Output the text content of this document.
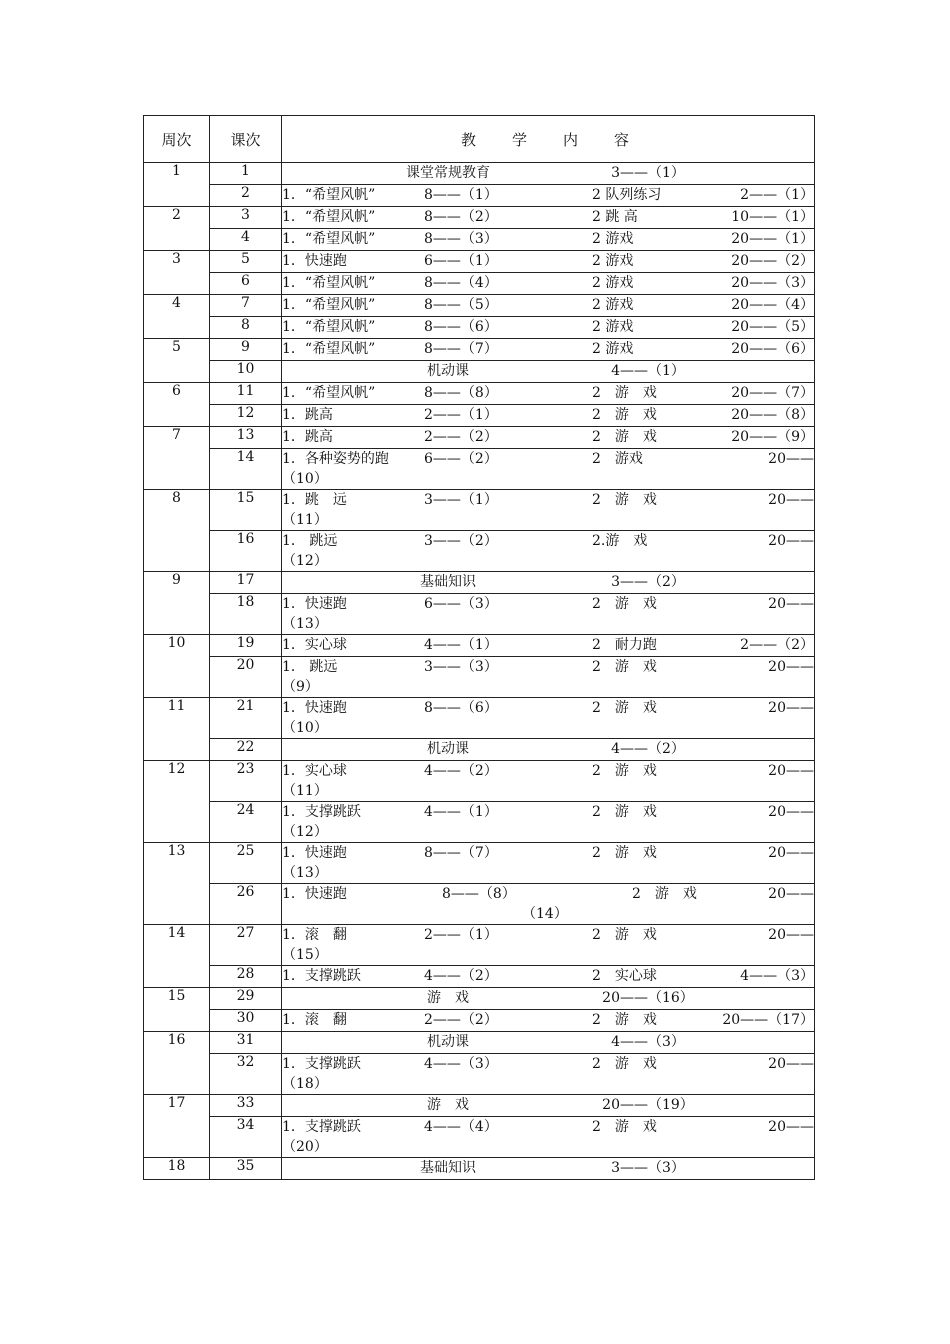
周次	课次	教学内容
1	1	课堂常规教育 3——（1）

	2	1．“希望风帆” 8——（1） 2 队列练习 2——（1）

2	3	1．“希望风帆” 8——（2） 2 跳 高 10——（1）

	4	1．“希望风帆” 8——（3） 2 游戏 20——（1）

3	5	1．快速跑 6——（1） 2 游戏 20——（2）

	6	1．“希望风帆” 8——（4） 2 游戏 20——（3）

4	7	1．“希望风帆” 8——（5） 2 游戏 20——（4）

	8	1．“希望风帆” 8——（6） 2 游戏 20——（5）

5	9	1．“希望风帆” 8——（7） 2 游戏 20——（6）

	10	机动课 4——（1）

6	11	1．“希望风帆” 8——（8） 2　游　戏 20——（7）

	12	1．跳高 2——（1） 2　游　戏 20——（8）

7	13	1．跳高 2——（2） 2　游　戏 20——（9）

	14	1．各种姿势的跑 6——（2） 2　游戏 20——
（10）

8	15	1．跳　远 3——（1） 2　游　戏 20——
（11）

	16	1． 跳远 3——（2） 2.游　戏 20——
（12）

9	17	基础知识 3——（2）

	18	1．快速跑 6——（3） 2　游　戏 20——
（13）

10	19	1．实心球 4——（1） 2　耐力跑 2——（2）

	20	1． 跳远 3——（3） 2　游　戏 20——
（9）

11	21	1．快速跑 8——（6） 2　游　戏 20——
（10）

	22	机动课 4——（2）

12	23	1．实心球 4——（2） 2　游　戏 20——
（11）

	24	1．支撑跳跃 4——（1） 2　游　戏 20——
（12）

13	25	1．快速跑 8——（7） 2　游　戏 20——
（13）

	26	1．快速跑 8——（8） 2　游　戏 20——
（14）

14	27	1．滚　翻 2——（1） 2　游　戏 20——
（15）

	28	1．支撑跳跃 4——（2） 2　实心球 4——（3）

15	29	游　戏 20——（16）

	30	1．滚　翻 2——（2） 2　游　戏 20——（17）

16	31	机动课 4——（3）

	32	1．支撑跳跃 4——（3） 2　游　戏 20——
（18）

17	33	游　戏 20——（19）

	34	1．支撑跳跃 4——（4） 2　游　戏 20——
（20）

18	35	基础知识 3——（3）
